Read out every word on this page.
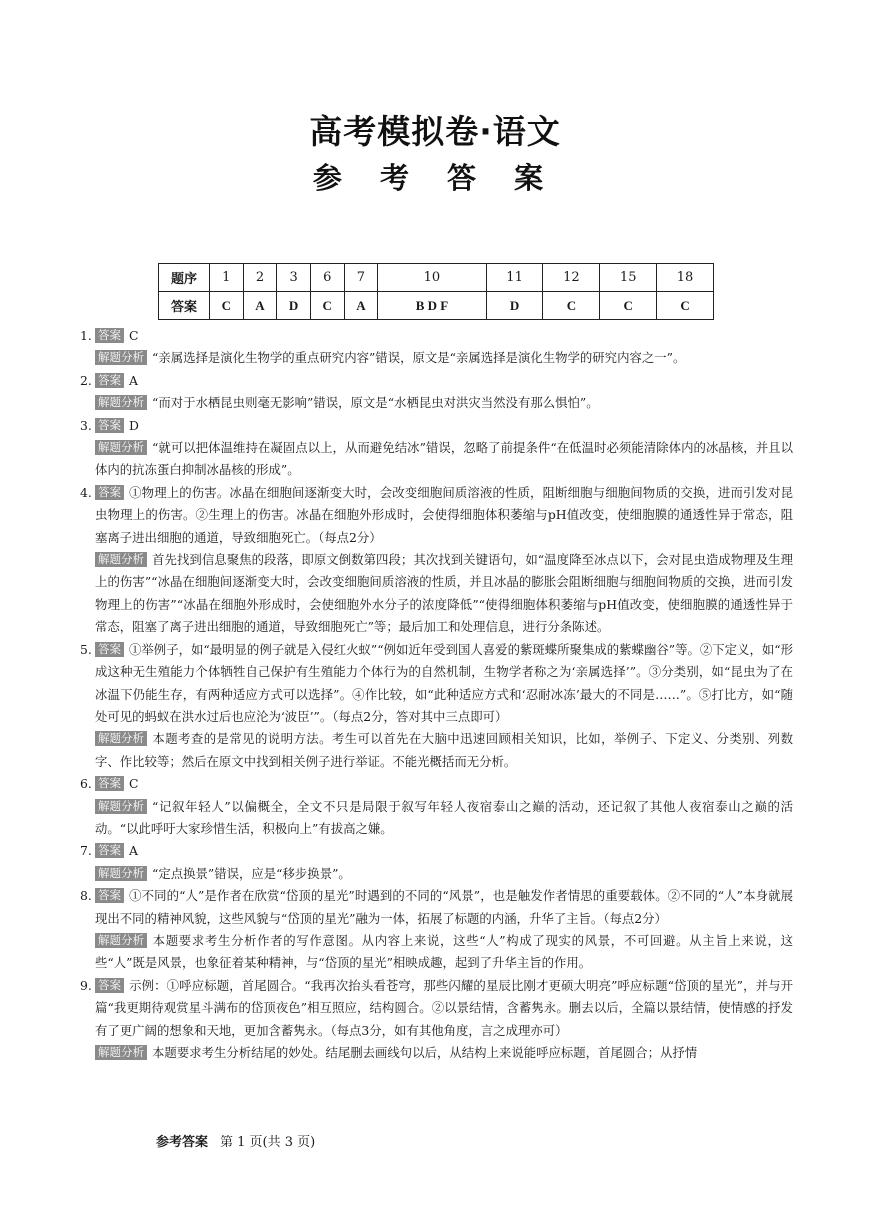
高考模拟卷·语文
参 考 答 案
题序	1	2	3	6	7	10	11	12	15	18
答案	C	A	D	C	A	B D F	D	C	C	C
1. 答案 C

解题分析 “亲属选择是演化生物学的重点研究内容”错误，原文是“亲属选择是演化生物学的研究内容之一”。

2. 答案 A

解题分析 “而对于水栖昆虫则毫无影响”错误，原文是“水栖昆虫对洪灾当然没有那么惧怕”。

3. 答案 D

解题分析 “就可以把体温维持在凝固点以上，从而避免结冰”错误，忽略了前提条件“在低温时必须能清除体内的冰晶核，并且以体内的抗冻蛋白抑制冰晶核的形成”。

4. 答案 ①物理上的伤害。冰晶在细胞间逐渐变大时，会改变细胞间质溶液的性质，阻断细胞与细胞间物质的交换，进而引发对昆虫物理上的伤害。②生理上的伤害。冰晶在细胞外形成时，会使得细胞体积萎缩与pH值改变，使细胞膜的通透性异于常态，阻塞离子进出细胞的通道，导致细胞死亡。（每点2分）

解题分析 首先找到信息聚焦的段落，即原文倒数第四段；其次找到关键语句，如“温度降至冰点以下，会对昆虫造成物理及生理上的伤害”“冰晶在细胞间逐渐变大时，会改变细胞间质溶液的性质，并且冰晶的膨胀会阻断细胞与细胞间物质的交换，进而引发物理上的伤害”“冰晶在细胞外形成时，会使细胞外水分子的浓度降低”“使得细胞体积萎缩与pH值改变，使细胞膜的通透性异于常态，阻塞了离子进出细胞的通道，导致细胞死亡”等；最后加工和处理信息，进行分条陈述。

5. 答案 ①举例子，如“最明显的例子就是入侵红火蚁”“例如近年受到国人喜爱的紫斑蝶所聚集成的紫蝶幽谷”等。②下定义，如“形成这种无生殖能力个体牺牲自己保护有生殖能力个体行为的自然机制，生物学者称之为‘亲属选择’”。③分类别，如“昆虫为了在冰温下仍能生存，有两种适应方式可以选择”。④作比较，如“此种适应方式和‘忍耐冰冻’最大的不同是……”。⑤打比方，如“随处可见的蚂蚁在洪水过后也应沦为‘波臣’”。（每点2分，答对其中三点即可）

解题分析 本题考查的是常见的说明方法。考生可以首先在大脑中迅速回顾相关知识，比如，举例子、下定义、分类别、列数字、作比较等；然后在原文中找到相关例子进行举证。不能光概括而无分析。

6. 答案 C

解题分析 “记叙年轻人”以偏概全，全文不只是局限于叙写年轻人夜宿泰山之巅的活动，还记叙了其他人夜宿泰山之巅的活动。“以此呼吁大家珍惜生活，积极向上”有拔高之嫌。

7. 答案 A

解题分析 “定点换景”错误，应是“移步换景”。

8. 答案 ①不同的“人”是作者在欣赏“岱顶的星光”时遇到的不同的“风景”，也是触发作者情思的重要载体。②不同的“人”本身就展现出不同的精神风貌，这些风貌与“岱顶的星光”融为一体，拓展了标题的内涵，升华了主旨。（每点2分）

解题分析 本题要求考生分析作者的写作意图。从内容上来说，这些“人”构成了现实的风景，不可回避。从主旨上来说，这些“人”既是风景，也象征着某种精神，与“岱顶的星光”相映成趣，起到了升华主旨的作用。

9. 答案 示例：①呼应标题，首尾圆合。“我再次抬头看苍穹，那些闪耀的星辰比刚才更硕大明亮”呼应标题“岱顶的星光”，并与开篇“我更期待观赏星斗满布的岱顶夜色”相互照应，结构圆合。②以景结情，含蓄隽永。删去以后，全篇以景结情，使情感的抒发有了更广阔的想象和天地，更加含蓄隽永。（每点3分，如有其他角度，言之成理亦可）

解题分析 本题要求考生分析结尾的妙处。结尾删去画线句以后，从结构上来说能呼应标题，首尾圆合；从抒情

参考答案 第 1 页(共 3 页)
